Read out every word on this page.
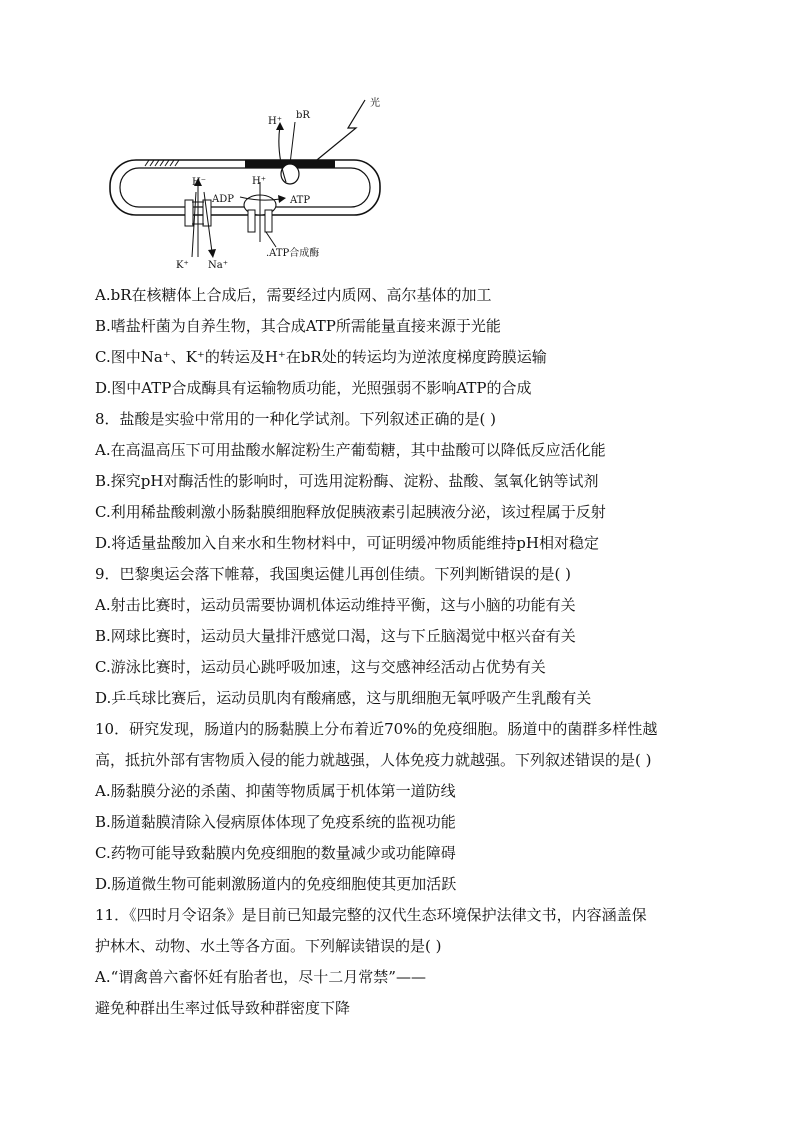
光
bR
H⁺
H⁻	H⁺
ADP	ATP
K⁺ Na⁺
.ATP合成酶
A.bR在核糖体上合成后，需要经过内质网、高尔基体的加工
B.嗜盐杆菌为自养生物，其合成ATP所需能量直接来源于光能
C.图中Na⁺、K⁺的转运及H⁺在bR处的转运均为逆浓度梯度跨膜运输
D.图中ATP合成酶具有运输物质功能，光照强弱不影响ATP的合成
8．盐酸是实验中常用的一种化学试剂。下列叙述正确的是( )
A.在高温高压下可用盐酸水解淀粉生产葡萄糖，其中盐酸可以降低反应活化能
B.探究pH对酶活性的影响时，可选用淀粉酶、淀粉、盐酸、氢氧化钠等试剂
C.利用稀盐酸刺激小肠黏膜细胞释放促胰液素引起胰液分泌，该过程属于反射
D.将适量盐酸加入自来水和生物材料中，可证明缓冲物质能维持pH相对稳定
9．巴黎奥运会落下帷幕，我国奥运健儿再创佳绩。下列判断错误的是( )
A.射击比赛时，运动员需要协调机体运动维持平衡，这与小脑的功能有关
B.网球比赛时，运动员大量排汗感觉口渴，这与下丘脑渴觉中枢兴奋有关
C.游泳比赛时，运动员心跳呼吸加速，这与交感神经活动占优势有关
D.乒乓球比赛后，运动员肌肉有酸痛感，这与肌细胞无氧呼吸产生乳酸有关
10．研究发现，肠道内的肠黏膜上分布着近70%的免疫细胞。肠道中的菌群多样性越
高，抵抗外部有害物质入侵的能力就越强，人体免疫力就越强。下列叙述错误的是( )
A.肠黏膜分泌的杀菌、抑菌等物质属于机体第一道防线
B.肠道黏膜清除入侵病原体体现了免疫系统的监视功能
C.药物可能导致黏膜内免疫细胞的数量减少或功能障碍
D.肠道微生物可能刺激肠道内的免疫细胞使其更加活跃
11．《四时月令诏条》是目前已知最完整的汉代生态环境保护法律文书，内容涵盖保
护林木、动物、水土等各方面。下列解读错误的是( )
A.“谓禽兽六畜怀妊有胎者也，尽十二月常禁”——
避免种群出生率过低导致种群密度下降
